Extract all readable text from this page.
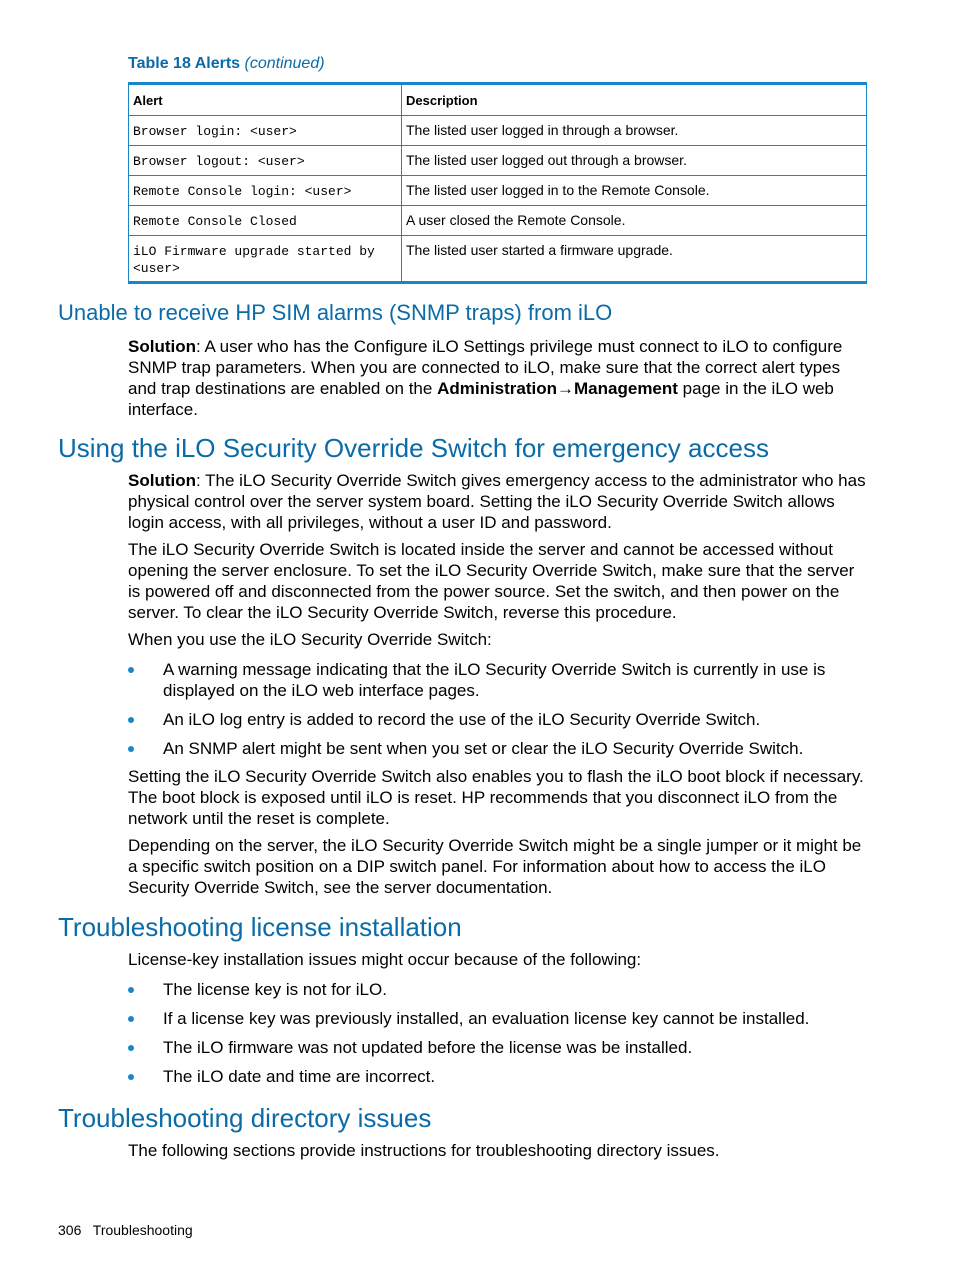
Table 18 Alerts (continued)
Alert	Description
Browser login: <user>	The listed user logged in through a browser.
Browser logout: <user>	The listed user logged out through a browser.
Remote Console login: <user>	The listed user logged in to the Remote Console.
Remote Console Closed	A user closed the Remote Console.
iLO Firmware upgrade started by <user>	The listed user started a firmware upgrade.
Unable to receive HP SIM alarms (SNMP traps) from iLO

Solution: A user who has the Configure iLO Settings privilege must connect to iLO to configure SNMP trap parameters. When you are connected to iLO, make sure that the correct alert types and trap destinations are enabled on the Administration→Management page in the iLO web interface.

Using the iLO Security Override Switch for emergency access

Solution: The iLO Security Override Switch gives emergency access to the administrator who has physical control over the server system board. Setting the iLO Security Override Switch allows login access, with all privileges, without a user ID and password.

The iLO Security Override Switch is located inside the server and cannot be accessed without opening the server enclosure. To set the iLO Security Override Switch, make sure that the server is powered off and disconnected from the power source. Set the switch, and then power on the server. To clear the iLO Security Override Switch, reverse this procedure.

When you use the iLO Security Override Switch:

A warning message indicating that the iLO Security Override Switch is currently in use is displayed on the iLO web interface pages.
An iLO log entry is added to record the use of the iLO Security Override Switch.
An SNMP alert might be sent when you set or clear the iLO Security Override Switch.

Setting the iLO Security Override Switch also enables you to flash the iLO boot block if necessary. The boot block is exposed until iLO is reset. HP recommends that you disconnect iLO from the network until the reset is complete.

Depending on the server, the iLO Security Override Switch might be a single jumper or it might be a specific switch position on a DIP switch panel. For information about how to access the iLO Security Override Switch, see the server documentation.

Troubleshooting license installation

License-key installation issues might occur because of the following:

The license key is not for iLO.
If a license key was previously installed, an evaluation license key cannot be installed.
The iLO firmware was not updated before the license was be installed.
The iLO date and time are incorrect.
Troubleshooting directory issues

The following sections provide instructions for troubleshooting directory issues.

306 Troubleshooting
